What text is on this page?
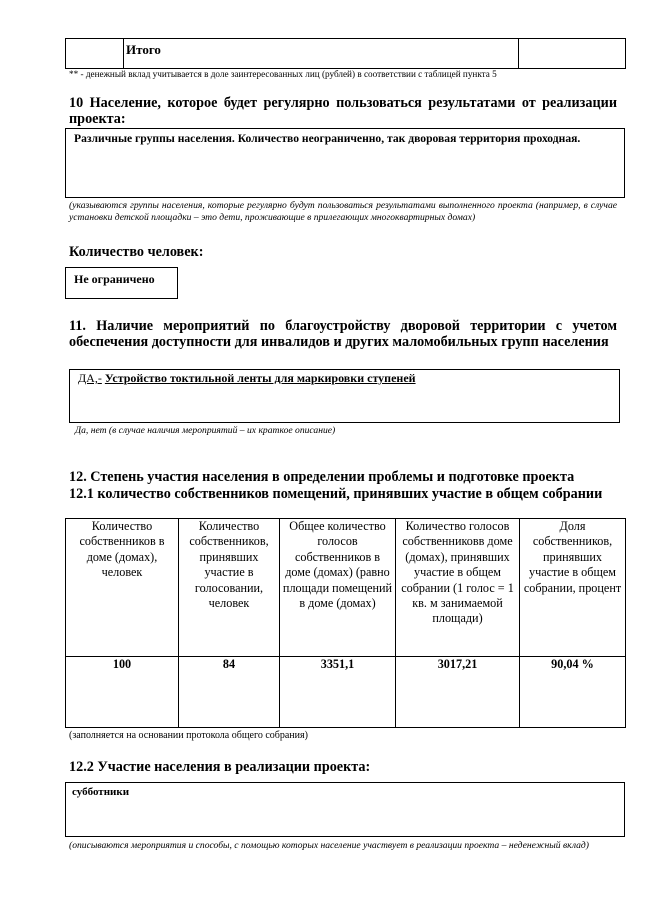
	Итого	
** - денежный вклад учитывается в доле заинтересованных лиц (рублей) в соответствии с таблицей пункта 5
10 Население, которое будет регулярно пользоваться результатами от реализации проекта:
Различные группы населения. Количество неограниченно, так дворовая территория проходная.
(указываются группы населения, которые регулярно будут пользоваться результатами выполненного проекта (например, в случае установки детской площадки – это дети, проживающие в прилегающих многоквартирных домах)
Количество человек:
Не ограничено
11. Наличие мероприятий по благоустройству дворовой территории с учетом обеспечения доступности для инвалидов и других маломобильных групп населения
ДА,- Устройство токтильной ленты для маркировки ступеней
Да, нет (в случае наличия мероприятий – их краткое описание)
12. Степень участия населения в определении проблемы и подготовке проекта
12.1 количество собственников помещений, принявших участие в общем собрании
Количество собственников в доме (домах), человек	Количество собственников, принявших участие в голосовании, человек	Общее количество голосов собственников в доме (домах) (равно площади помещений в доме (домах)	Количество голосов собственниковв доме (домах), принявших участие в общем собрании (1 голос = 1 кв. м занимаемой площади)	Доля собственников, принявших участие в общем собрании, процент
100	84	3351,1	3017,21	90,04 %
(заполняется на основании протокола общего собрания)
12.2 Участие населения в реализации проекта:
субботники
(описываются мероприятия и способы, с помощью которых население участвует в реализации проекта – неденежный вклад)
